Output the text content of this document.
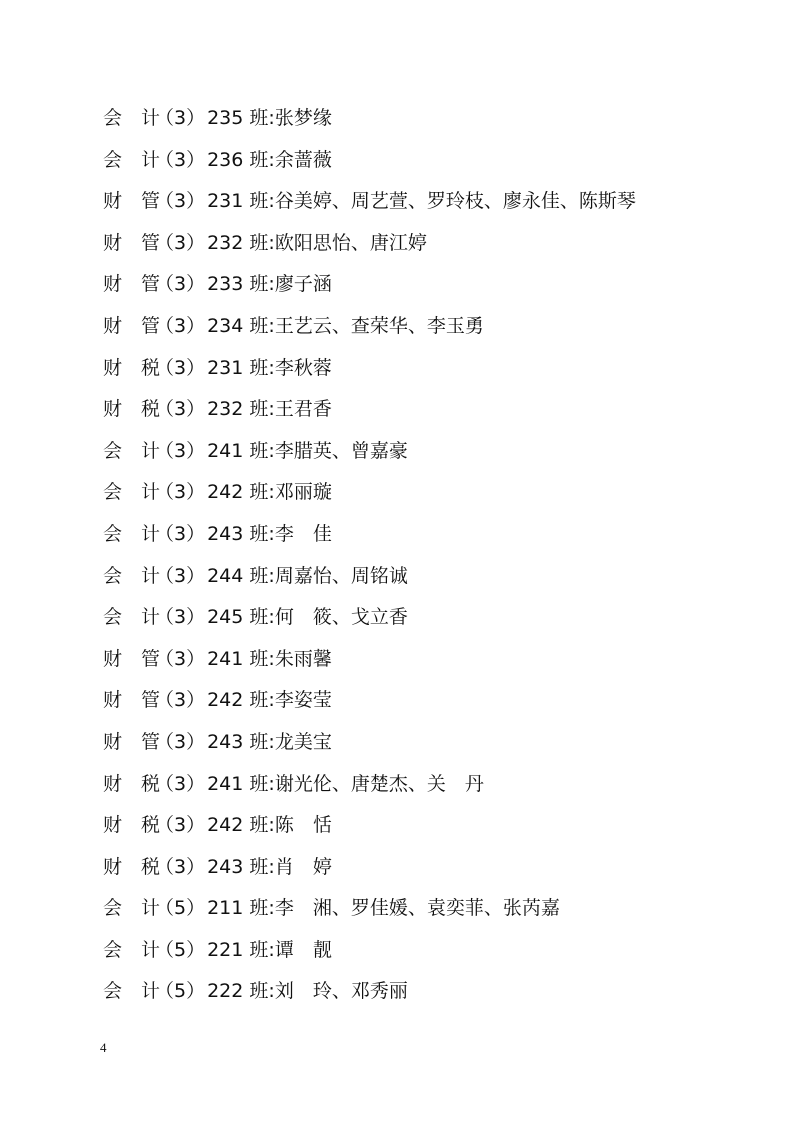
会　计
（3） 235 班: 张梦缘
会　计
（3） 236 班: 余蔷薇
财　管
（3） 231 班: 谷美婷、周艺萱、罗玲枝、廖永佳、陈斯琴
财　管
（3） 232 班: 欧阳思怡、唐江婷
财　管
（3） 233 班: 廖子涵
财　管
（3） 234 班: 王艺云、查荣华、李玉勇
财　税
（3） 231 班: 李秋蓉
财　税
（3） 232 班: 王君香
会　计
（3） 241 班: 李腊英、曾嘉豪
会　计
（3） 242 班: 邓丽璇
会　计
（3） 243 班: 李　佳
会　计
（3） 244 班: 周嘉怡、周铭诚
会　计
（3） 245 班: 何　筱、戈立香
财　管
（3） 241 班: 朱雨馨
财　管
（3） 242 班: 李姿莹
财　管
（3） 243 班: 龙美宝
财　税
（3） 241 班: 谢光伦、唐楚杰、关　丹
财　税
（3） 242 班: 陈　恬
财　税
（3） 243 班: 肖　婷
会　计
（5） 211 班: 李　湘、罗佳媛、袁奕菲、张芮嘉
会　计
（5） 221 班: 谭　靓
会　计
（5） 222 班: 刘　玲、邓秀丽
4
